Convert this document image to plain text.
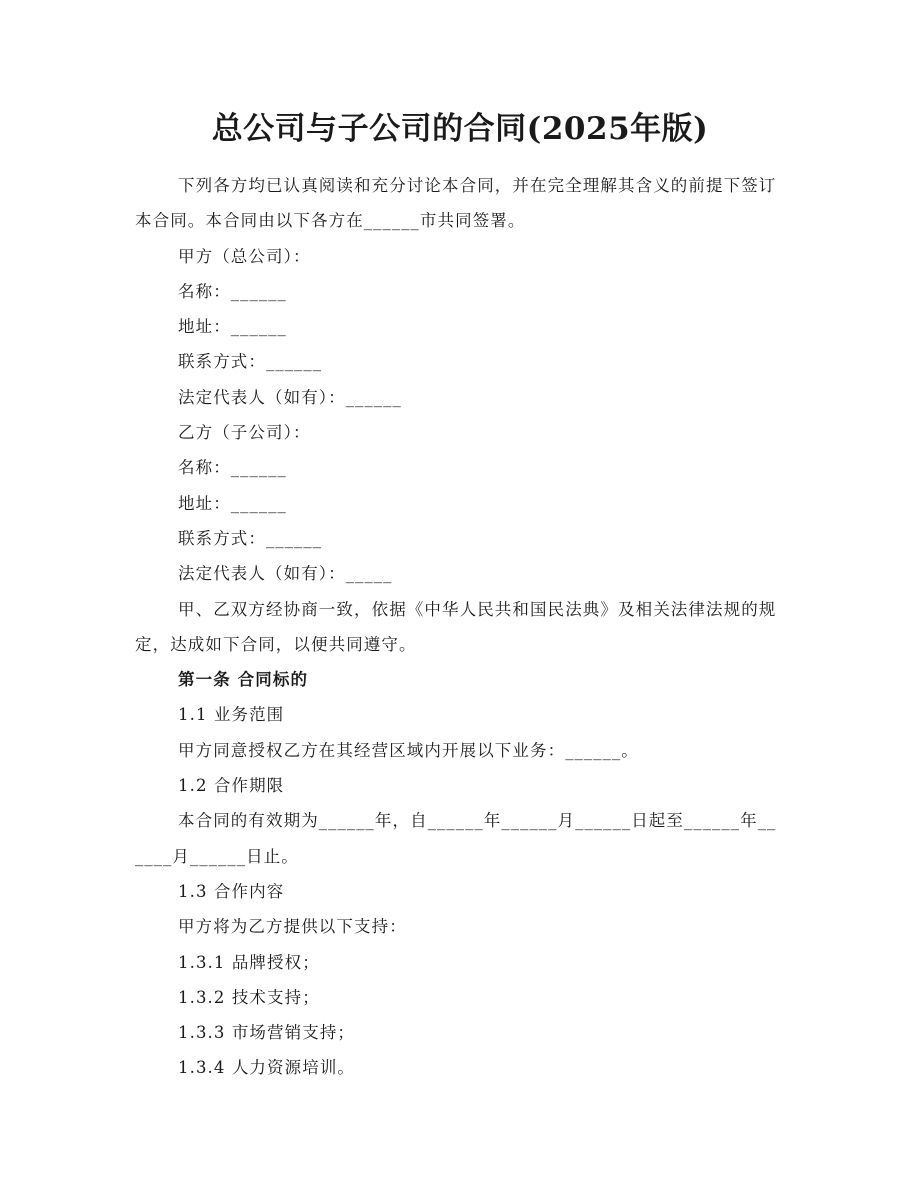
总公司与子公司的合同(2025年版)

下列各方均已认真阅读和充分讨论本合同，并在完全理解其含义的前提下签订本合同。本合同由以下各方在______市共同签署。

甲方（总公司）：

名称：______

地址：______

联系方式：______

法定代表人（如有）：______

乙方（子公司）：

名称：______

地址：______

联系方式：______

法定代表人（如有）：_____

甲、乙双方经协商一致，依据《中华人民共和国民法典》及相关法律法规的规定，达成如下合同，以便共同遵守。

第一条 合同标的

1.1 业务范围

甲方同意授权乙方在其经营区域内开展以下业务：______。

1.2 合作期限

本合同的有效期为______年，自______年______月______日起至______年______月______日止。

1.3 合作内容

甲方将为乙方提供以下支持：

1.3.1 品牌授权；

1.3.2 技术支持；

1.3.3 市场营销支持；

1.3.4 人力资源培训。
